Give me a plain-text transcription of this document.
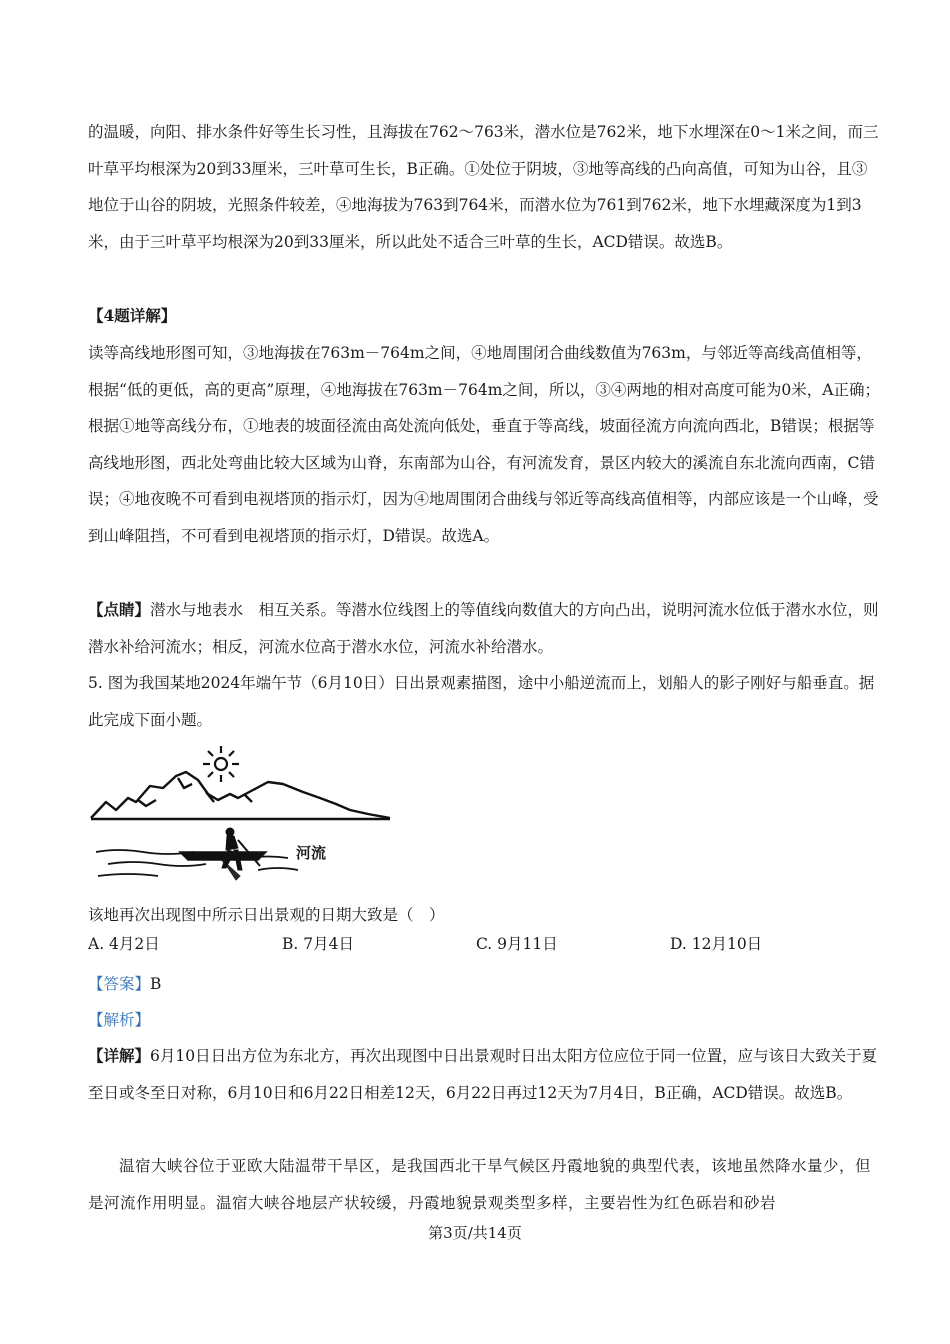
的温暖，向阳、排水条件好等生长习性，且海拔在762～763米，潜水位是762米，地下水埋深在0～1米之间，而三叶草平均根深为20到33厘米，三叶草可生长，B正确。①处位于阴坡，③地等高线的凸向高值，可知为山谷，且③地位于山谷的阴坡，光照条件较差，④地海拔为763到764米，而潜水位为761到762米，地下水埋藏深度为1到3米，由于三叶草平均根深为20到33厘米，所以此处不适合三叶草的生长，ACD错误。故选B。

【4题详解】

读等高线地形图可知，③地海拔在763m－764m之间，④地周围闭合曲线数值为763m，与邻近等高线高值相等，根据“低的更低，高的更高”原理，④地海拔在763m－764m之间，所以，③④两地的相对高度可能为0米，A正确；根据①地等高线分布，①地表的坡面径流由高处流向低处，垂直于等高线，坡面径流方向流向西北，B错误；根据等高线地形图，西北处弯曲比较大区域为山脊，东南部为山谷，有河流发育，景区内较大的溪流自东北流向西南，C错误；④地夜晚不可看到电视塔顶的指示灯，因为④地周围闭合曲线与邻近等高线高值相等，内部应该是一个山峰，受到山峰阻挡，不可看到电视塔顶的指示灯，D错误。故选A。

【点睛】潜水与地表水　相互关系。等潜水位线图上的等值线向数值大的方向凸出，说明河流水位低于潜水水位，则潜水补给河流水；相反，河流水位高于潜水水位，河流水补给潜水。

5. 图为我国某地2024年端午节（6月10日）日出景观素描图，途中小船逆流而上，划船人的影子刚好与船垂直。据此完成下面小题。

河流

该地再次出现图中所示日出景观的日期大致是（　）

A. 4月2日	B. 7月4日	C. 9月11日	D. 12月10日

【答案】B

【解析】

【详解】6月10日日出方位为东北方，再次出现图中日出景观时日出太阳方位应位于同一位置，应与该日大致关于夏至日或冬至日对称，6月10日和6月22日相差12天，6月22日再过12天为7月4日，B正确，ACD错误。故选B。

温宿大峡谷位于亚欧大陆温带干旱区，是我国西北干旱气候区丹霞地貌的典型代表，该地虽然降水量少，但是河流作用明显。温宿大峡谷地层产状较缓，丹霞地貌景观类型多样，主要岩性为红色砾岩和砂岩

第3页/共14页
